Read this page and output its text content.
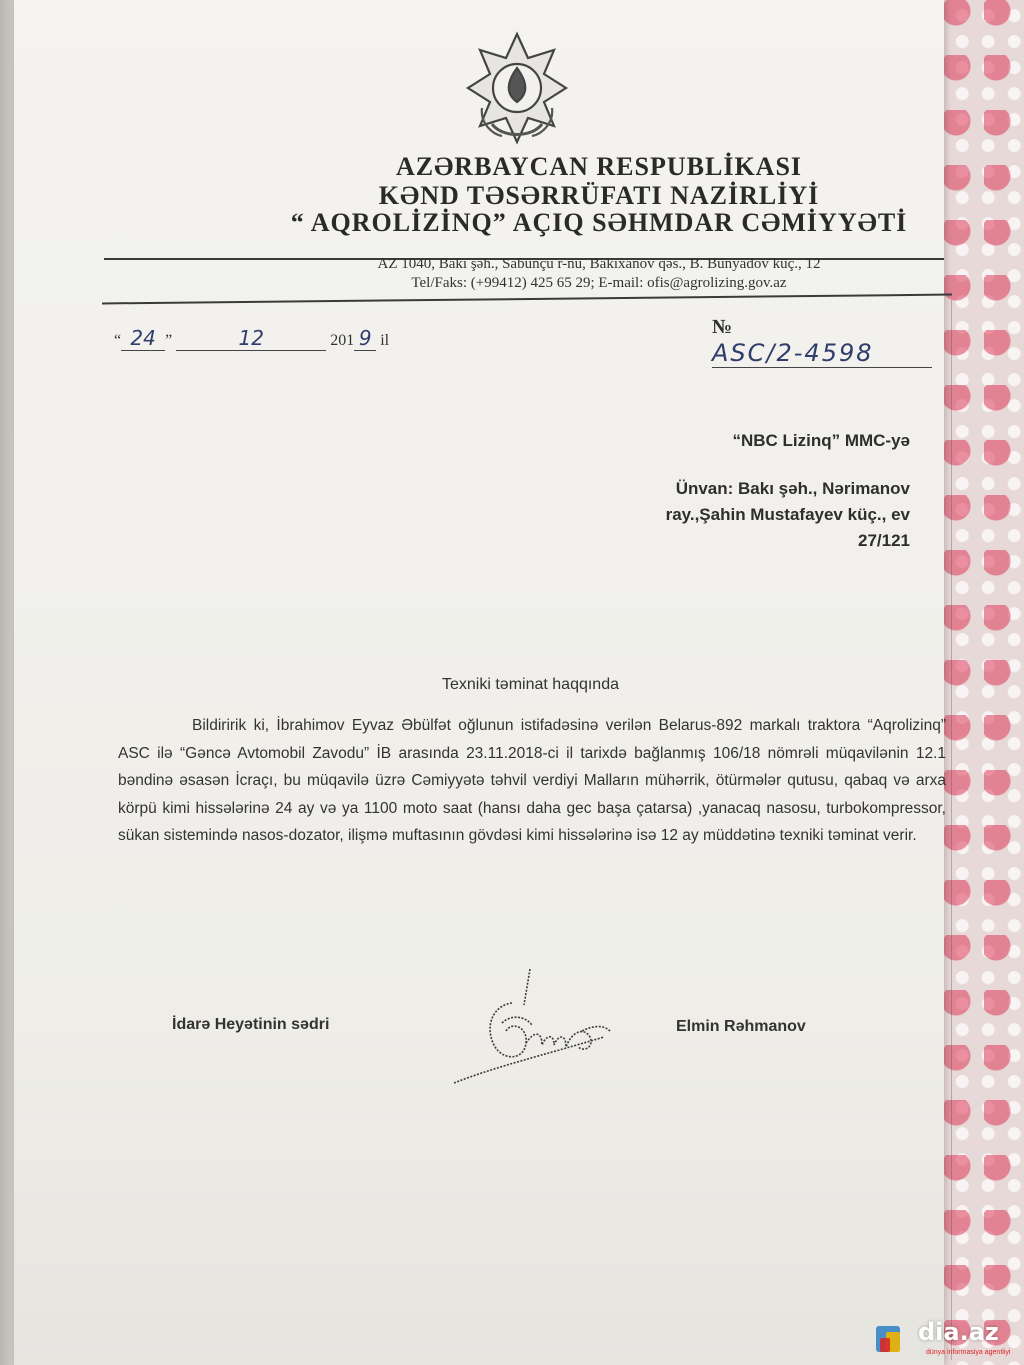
AZƏRBAYCAN RESPUBLİKASI
KƏND TƏSƏRRÜFATI NAZİRLİYİ
“ AQROLİZİNQ” AÇIQ SƏHMDAR CƏMİYYƏTİ
AZ 1040, Bakı şəh., Sabunçu r-nu, Bakıxanov qəs., B. Bünyadov küç., 12
Tel/Faks: (+99412) 425 65 29; E-mail: ofis@agrolizing.gov.az
“ 24 ”	12	201 9 il
№ ASC/2-4598
“NBC Lizinq” MMC-yə
Ünvan: Bakı şəh., Nərimanov
ray.,Şahin Mustafayev küç., ev
27/121
Texniki təminat haqqında
Bildiririk ki, İbrahimov Eyvaz Əbülfət oğlunun istifadəsinə verilən Belarus-892 markalı traktora “Aqrolizinq” ASC ilə “Gəncə Avtomobil Zavodu” İB arasında 23.11.2018-ci il tarixdə bağlanmış 106/18 nömrəli müqavilənin 12.1 bəndinə əsasən İcraçı, bu müqavilə üzrə Cəmiyyətə təhvil verdiyi Malların mühərrik, ötürmələr qutusu, qabaq və arxa körpü kimi hissələrinə 24 ay və ya 1100 moto saat (hansı daha gec başa çatarsa) ,yanacaq nasosu, turbokompressor, sükan sistemində nasos-dozator, ilişmə muftasının gövdəsi kimi hissələrinə isə 12 ay müddətinə texniki təminat verir.
İdarə Heyətinin sədri	Elmin Rəhmanov

dia.az
dünya informasiya agentliyi
